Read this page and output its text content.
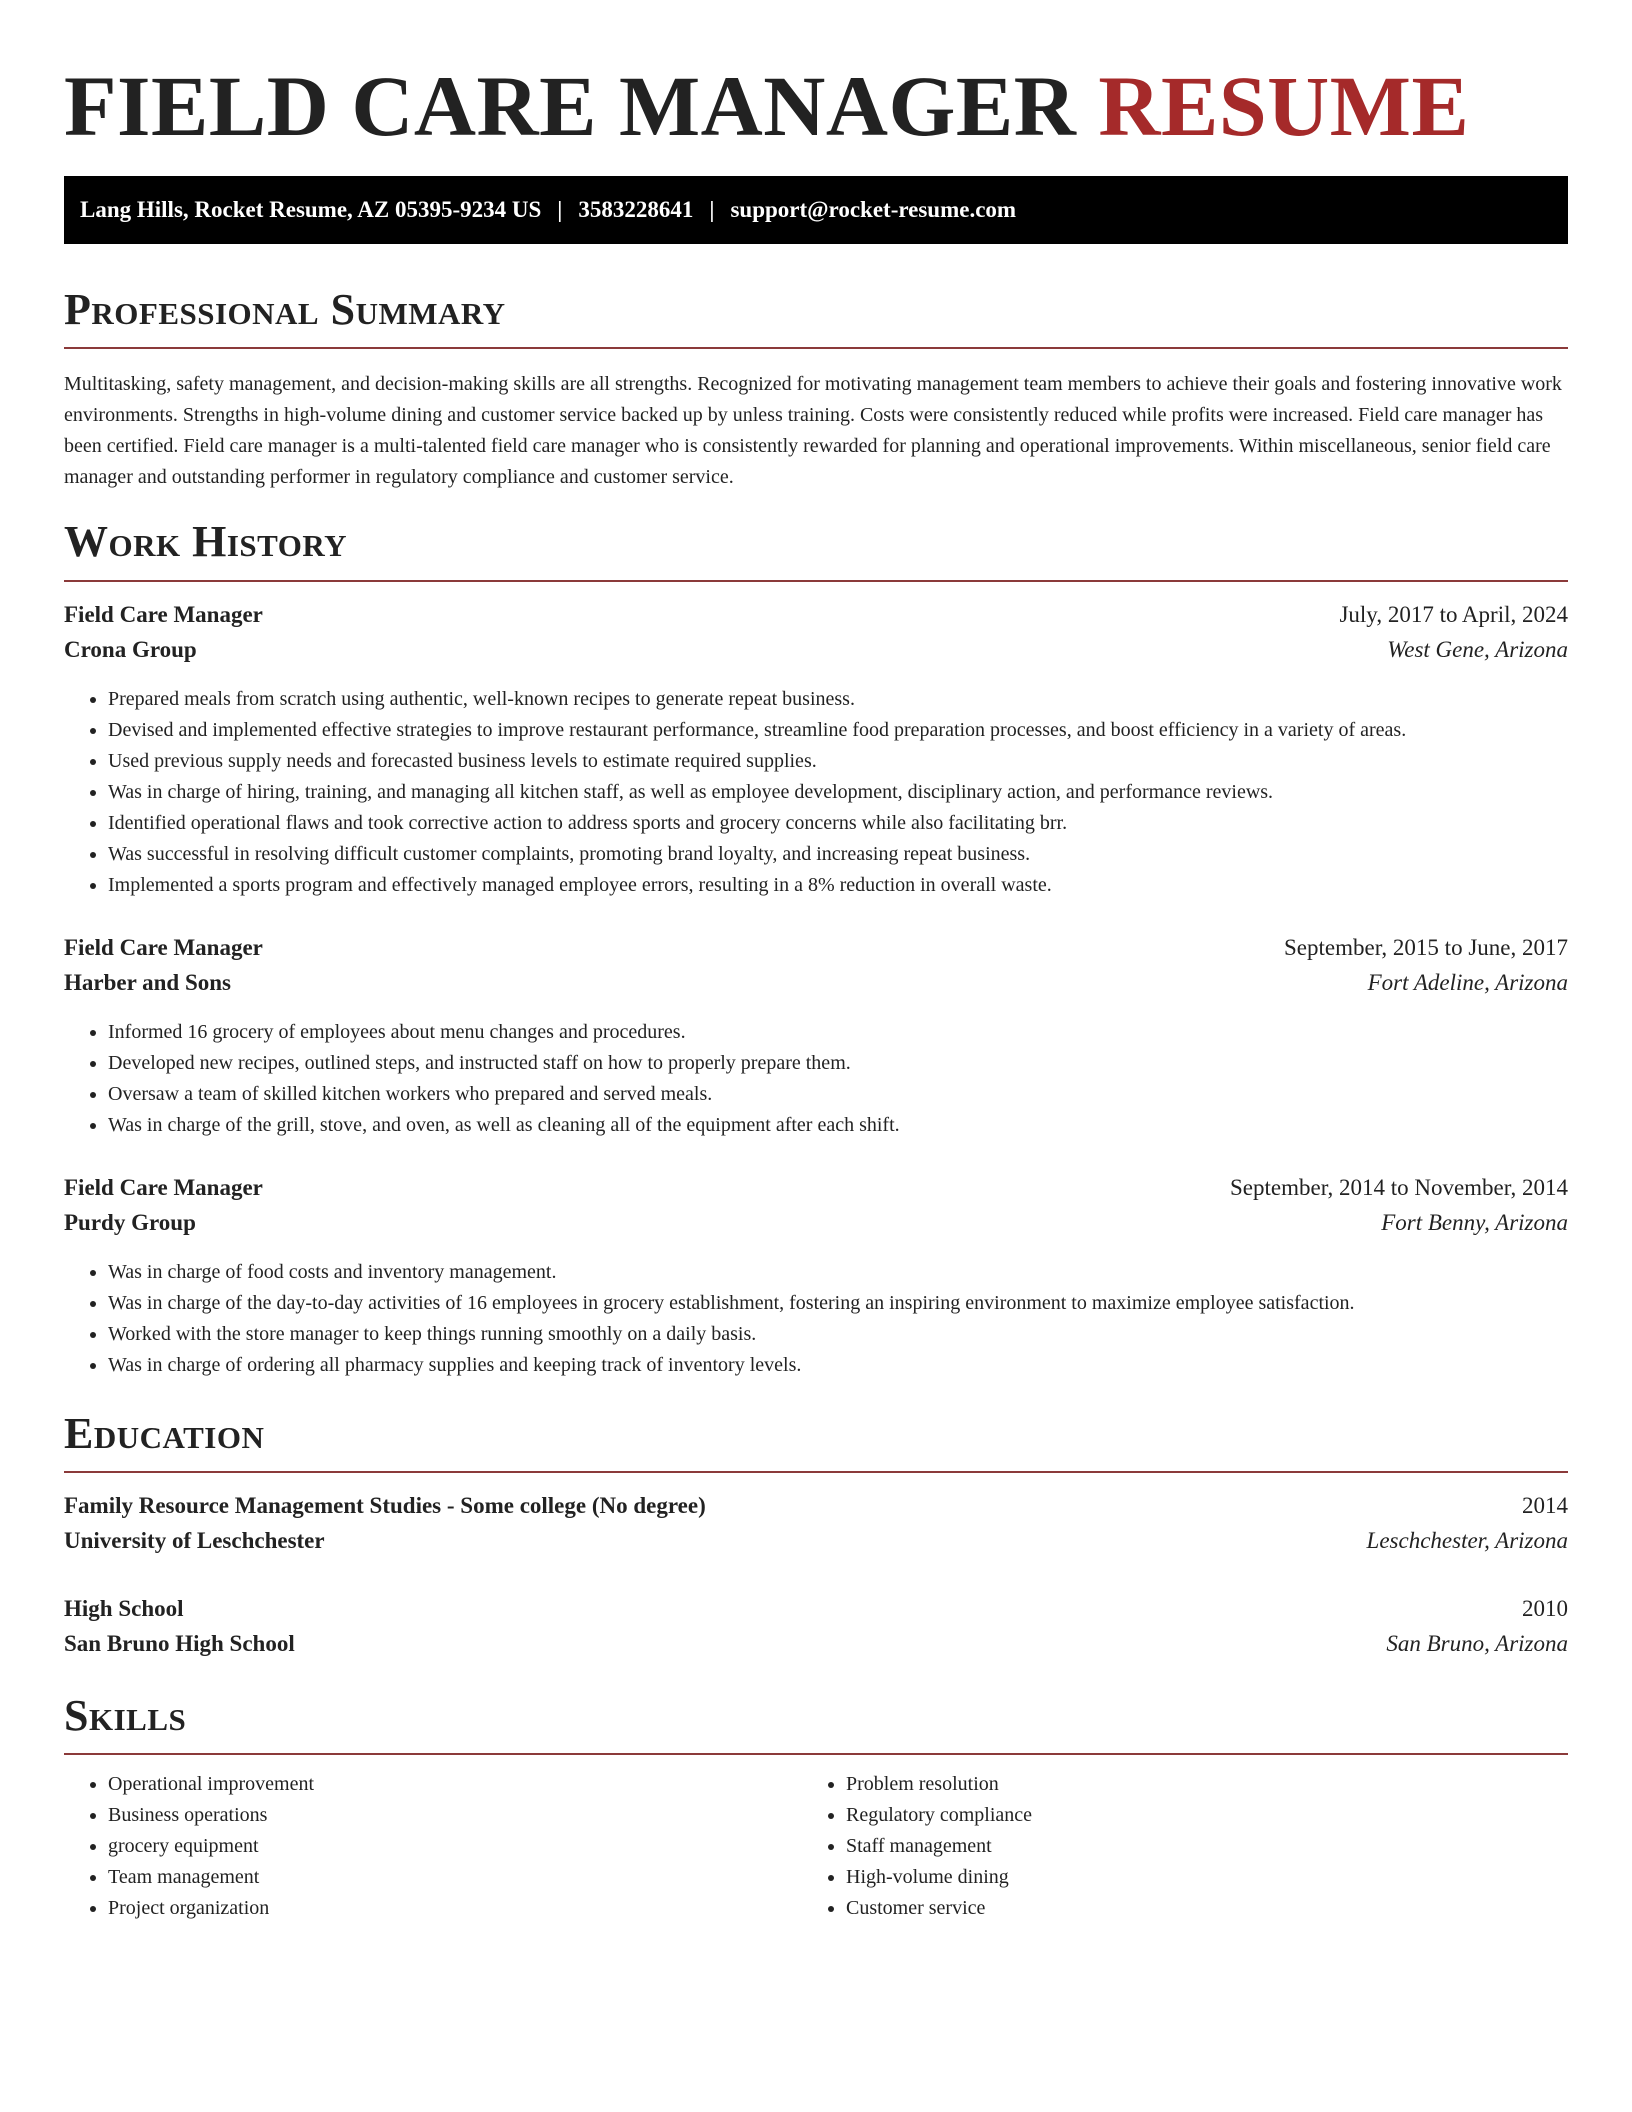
FIELD CARE MANAGER RESUME
Lang Hills, Rocket Resume, AZ 05395-9234 US | 3583228641 | support@rocket-resume.com
Professional Summary

Multitasking, safety management, and decision-making skills are all strengths. Recognized for motivating management team members to achieve their goals and fostering innovative work environments. Strengths in high-volume dining and customer service backed up by unless training. Costs were consistently reduced while profits were increased. Field care manager has been certified. Field care manager is a multi-talented field care manager who is consistently rewarded for planning and operational improvements. Within miscellaneous, senior field care manager and outstanding performer in regulatory compliance and customer service.

Work History
Field Care Manager	July, 2017 to April, 2024
Crona Group	West Gene, Arizona
• Prepared meals from scratch using authentic, well-known recipes to generate repeat business.
• Devised and implemented effective strategies to improve restaurant performance, streamline food preparation processes, and boost efficiency in a variety of areas.
• Used previous supply needs and forecasted business levels to estimate required supplies.
• Was in charge of hiring, training, and managing all kitchen staff, as well as employee development, disciplinary action, and performance reviews.
• Identified operational flaws and took corrective action to address sports and grocery concerns while also facilitating brr.
• Was successful in resolving difficult customer complaints, promoting brand loyalty, and increasing repeat business.
• Implemented a sports program and effectively managed employee errors, resulting in a 8% reduction in overall waste.
Field Care Manager	September, 2015 to June, 2017
Harber and Sons	Fort Adeline, Arizona
• Informed 16 grocery of employees about menu changes and procedures.
• Developed new recipes, outlined steps, and instructed staff on how to properly prepare them.
• Oversaw a team of skilled kitchen workers who prepared and served meals.
• Was in charge of the grill, stove, and oven, as well as cleaning all of the equipment after each shift.
Field Care Manager	September, 2014 to November, 2014
Purdy Group	Fort Benny, Arizona
• Was in charge of food costs and inventory management.
• Was in charge of the day-to-day activities of 16 employees in grocery establishment, fostering an inspiring environment to maximize employee satisfaction.
• Worked with the store manager to keep things running smoothly on a daily basis.
• Was in charge of ordering all pharmacy supplies and keeping track of inventory levels.
Education
Family Resource Management Studies - Some college (No degree)	2014
University of Leschchester	Leschchester, Arizona
High School	2010
San Bruno High School	San Bruno, Arizona
Skills
• Operational improvement
• Business operations
• grocery equipment
• Team management
• Project organization
• Problem resolution
• Regulatory compliance
• Staff management
• High-volume dining
• Customer service
